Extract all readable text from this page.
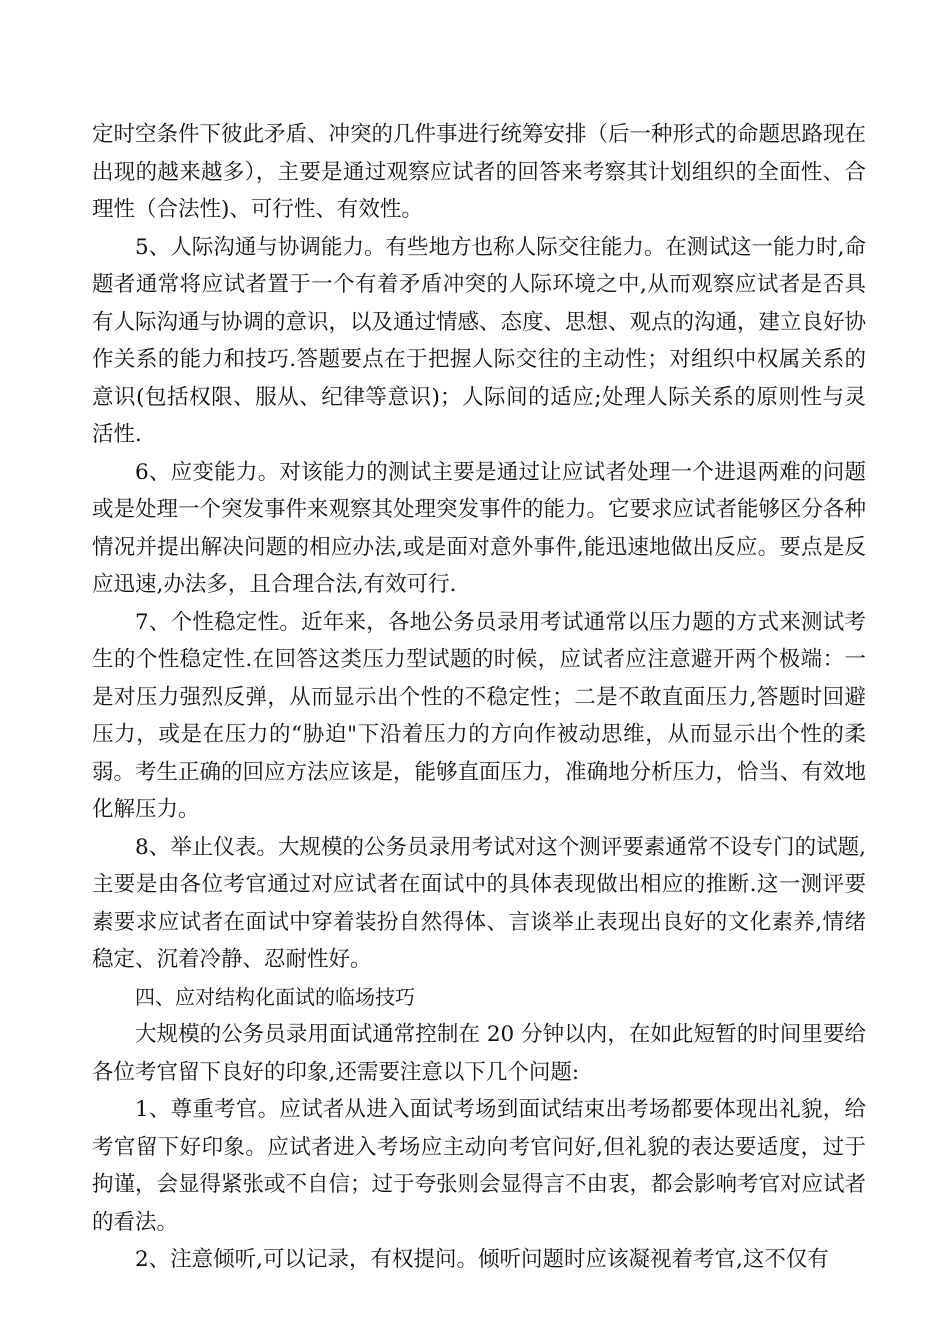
定时空条件下彼此矛盾、冲突的几件事进行统筹安排（后一种形式的命题思路现在出现的越来越多），主要是通过观察应试者的回答来考察其计划组织的全面性、合理性（合法性)、可行性、有效性。

5、人际沟通与协调能力。有些地方也称人际交往能力。在测试这一能力时,命题者通常将应试者置于一个有着矛盾冲突的人际环境之中,从而观察应试者是否具有人际沟通与协调的意识，以及通过情感、态度、思想、观点的沟通，建立良好协作关系的能力和技巧.答题要点在于把握人际交往的主动性；对组织中权属关系的意识(包括权限、服从、纪律等意识)；人际间的适应;处理人际关系的原则性与灵活性.

6、应变能力。对该能力的测试主要是通过让应试者处理一个进退两难的问题或是处理一个突发事件来观察其处理突发事件的能力。它要求应试者能够区分各种情况并提出解决问题的相应办法,或是面对意外事件,能迅速地做出反应。要点是反应迅速,办法多，且合理合法,有效可行.

7、个性稳定性。近年来，各地公务员录用考试通常以压力题的方式来测试考生的个性稳定性.在回答这类压力型试题的时候，应试者应注意避开两个极端：一是对压力强烈反弹，从而显示出个性的不稳定性；二是不敢直面压力,答题时回避压力，或是在压力的“胁迫"下沿着压力的方向作被动思维，从而显示出个性的柔弱。考生正确的回应方法应该是，能够直面压力，准确地分析压力，恰当、有效地化解压力。

8、举止仪表。大规模的公务员录用考试对这个测评要素通常不设专门的试题,主要是由各位考官通过对应试者在面试中的具体表现做出相应的推断.这一测评要素要求应试者在面试中穿着装扮自然得体、言谈举止表现出良好的文化素养,情绪稳定、沉着冷静、忍耐性好。

四、应对结构化面试的临场技巧

大规模的公务员录用面试通常控制在 20 分钟以内，在如此短暂的时间里要给各位考官留下良好的印象,还需要注意以下几个问题:

1、尊重考官。应试者从进入面试考场到面试结束出考场都要体现出礼貌，给考官留下好印象。应试者进入考场应主动向考官问好,但礼貌的表达要适度，过于拘谨，会显得紧张或不自信；过于夸张则会显得言不由衷，都会影响考官对应试者的看法。

2、注意倾听,可以记录，有权提问。倾听问题时应该凝视着考官,这不仅有
